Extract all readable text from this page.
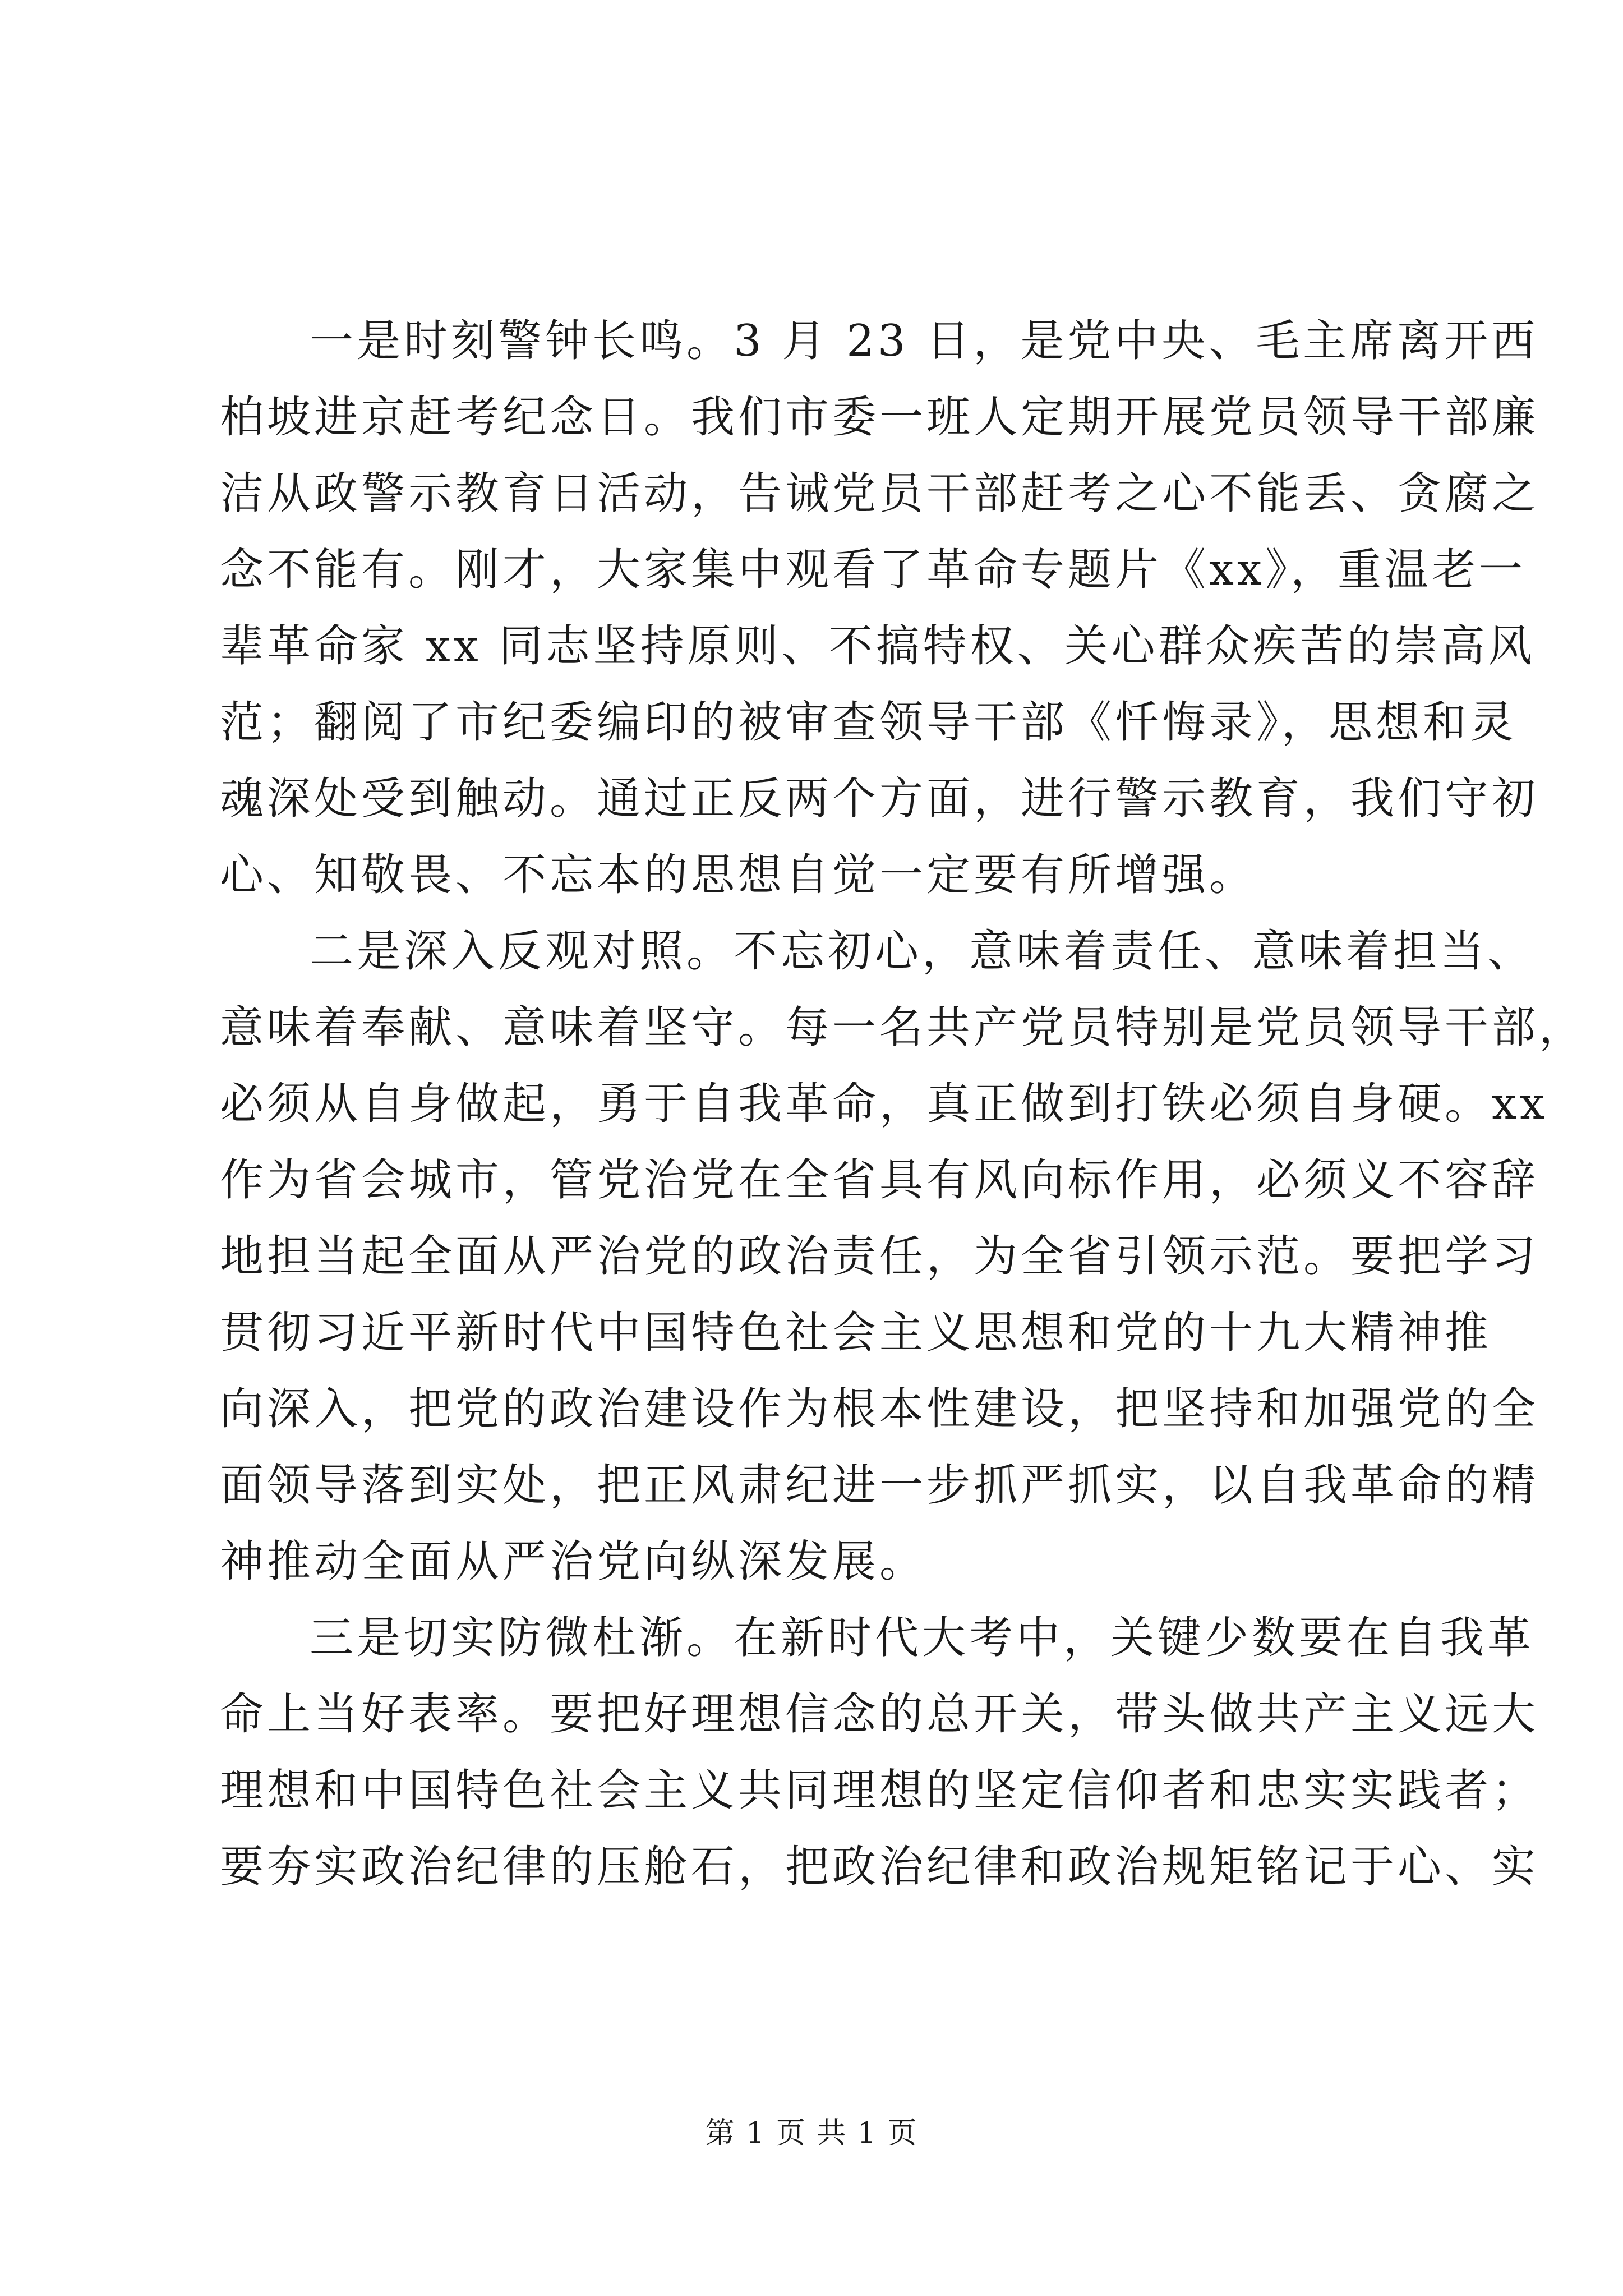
一是时刻警钟长鸣。3 月 23 日，是党中央、毛主席离开西
柏坡进京赶考纪念日。我们市委一班人定期开展党员领导干部廉
洁从政警示教育日活动，告诫党员干部赶考之心不能丢、贪腐之
念不能有。刚才，大家集中观看了革命专题片《xx》，重温老一
辈革命家 xx 同志坚持原则、不搞特权、关心群众疾苦的崇高风
范；翻阅了市纪委编印的被审查领导干部《忏悔录》，思想和灵
魂深处受到触动。通过正反两个方面，进行警示教育，我们守初
心、知敬畏、不忘本的思想自觉一定要有所增强。
二是深入反观对照。不忘初心，意味着责任、意味着担当、
意味着奉献、意味着坚守。每一名共产党员特别是党员领导干部，
必须从自身做起，勇于自我革命，真正做到打铁必须自身硬。xx
作为省会城市，管党治党在全省具有风向标作用，必须义不容辞
地担当起全面从严治党的政治责任，为全省引领示范。要把学习
贯彻习近平新时代中国特色社会主义思想和党的十九大精神推
向深入，把党的政治建设作为根本性建设，把坚持和加强党的全
面领导落到实处，把正风肃纪进一步抓严抓实，以自我革命的精
神推动全面从严治党向纵深发展。
三是切实防微杜渐。在新时代大考中，关键少数要在自我革
命上当好表率。要把好理想信念的总开关，带头做共产主义远大
理想和中国特色社会主义共同理想的坚定信仰者和忠实实践者；
要夯实政治纪律的压舱石，把政治纪律和政治规矩铭记于心、实
第 1 页 共 1 页
